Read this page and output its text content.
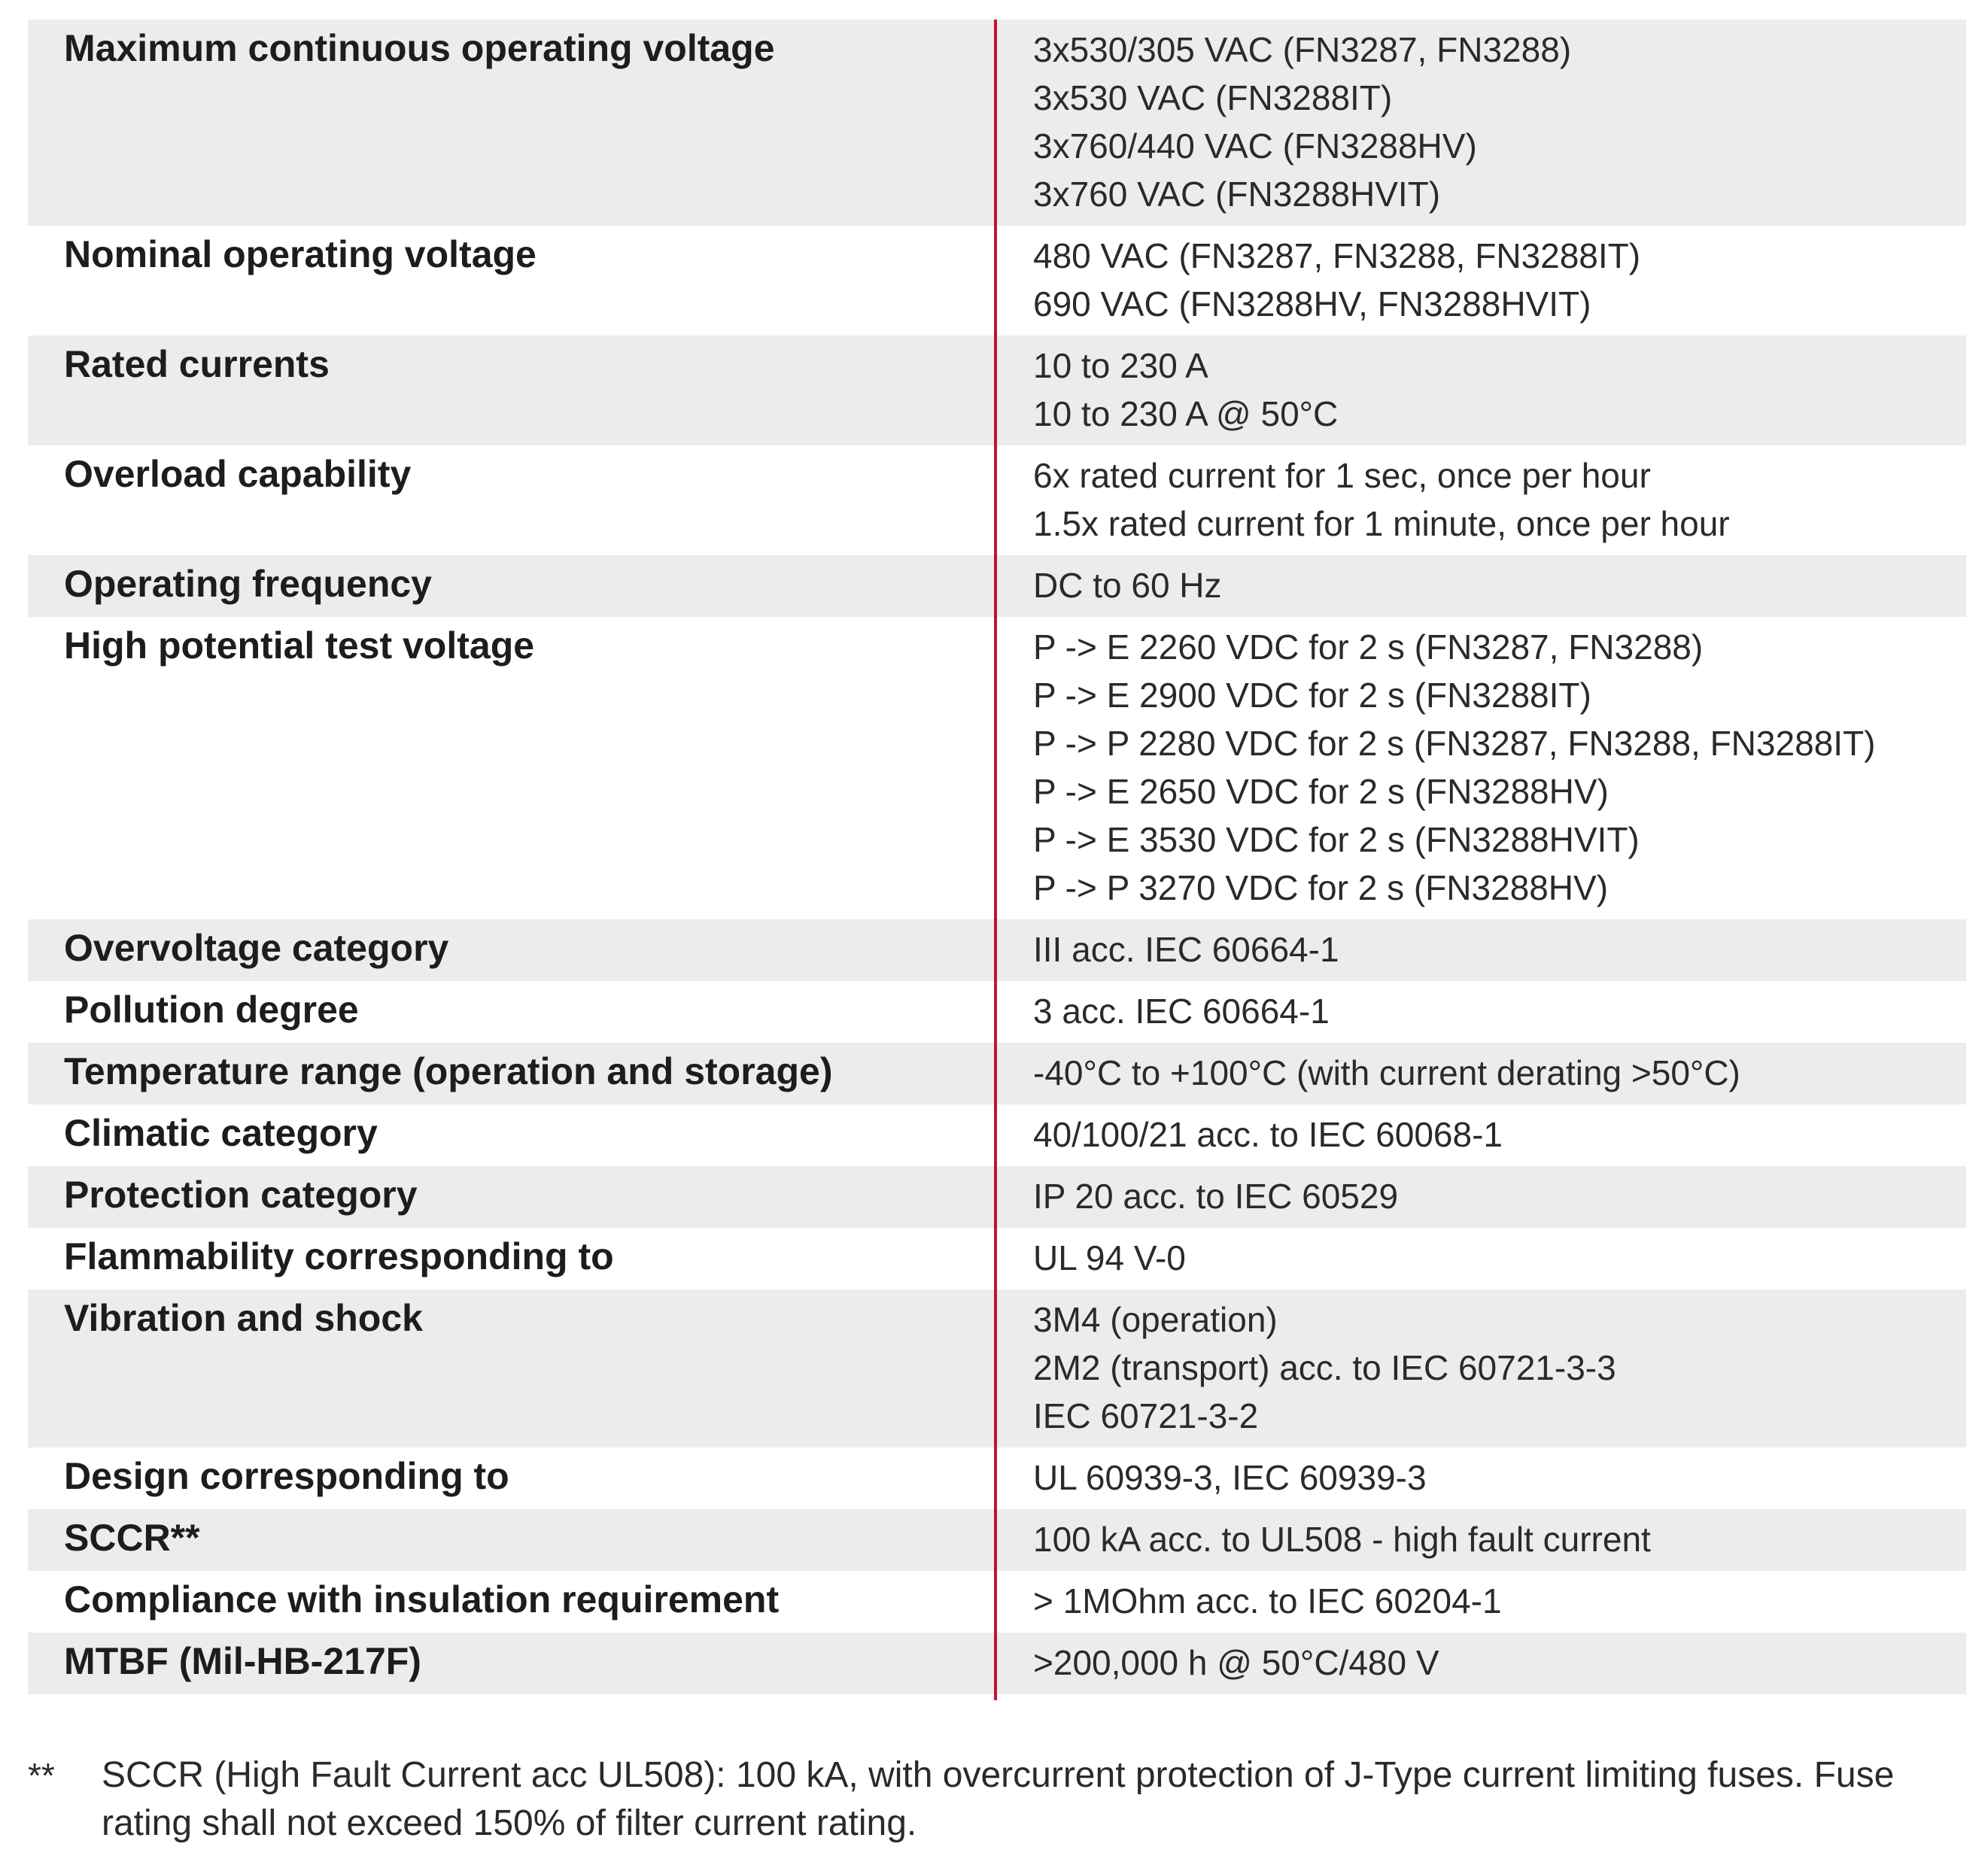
Maximum continuous operating voltage	3x530/305 VAC (FN3287, FN3288)
3x530 VAC (FN3288IT)
3x760/440 VAC (FN3288HV)
3x760 VAC (FN3288HVIT)
Nominal operating voltage	480 VAC (FN3287, FN3288, FN3288IT)
690 VAC (FN3288HV, FN3288HVIT)
Rated currents	10 to 230 A
10 to 230 A @ 50°C
Overload capability	6x rated current for 1 sec, once per hour
1.5x rated current for 1 minute, once per hour
Operating frequency	DC to 60 Hz
High potential test voltage	P -> E 2260 VDC for 2 s (FN3287, FN3288)
P -> E 2900 VDC for 2 s (FN3288IT)
P -> P 2280 VDC for 2 s (FN3287, FN3288, FN3288IT)
P -> E 2650 VDC for 2 s (FN3288HV)
P -> E 3530 VDC for 2 s (FN3288HVIT)
P -> P 3270 VDC for 2 s (FN3288HV)
Overvoltage category	III acc. IEC 60664-1
Pollution degree	3 acc. IEC 60664-1
Temperature range (operation and storage)	-40°C to +100°C (with current derating >50°C)
Climatic category	40/100/21 acc. to IEC 60068-1
Protection category	IP 20 acc. to IEC 60529
Flammability corresponding to	UL 94 V-0
Vibration and shock	3M4 (operation)
2M2 (transport) acc. to IEC 60721-3-3
IEC 60721-3-2
Design corresponding to	UL 60939-3, IEC 60939-3
SCCR**	100 kA acc. to UL508 - high fault current
Compliance with insulation requirement	> 1MOhm acc. to IEC 60204-1
MTBF (Mil-HB-217F)	>200,000 h @ 50°C/480 V
**	SCCR (High Fault Current acc UL508): 100 kA, with overcurrent protection of J-Type current limiting fuses. Fuse rating shall not exceed 150% of filter current rating.
